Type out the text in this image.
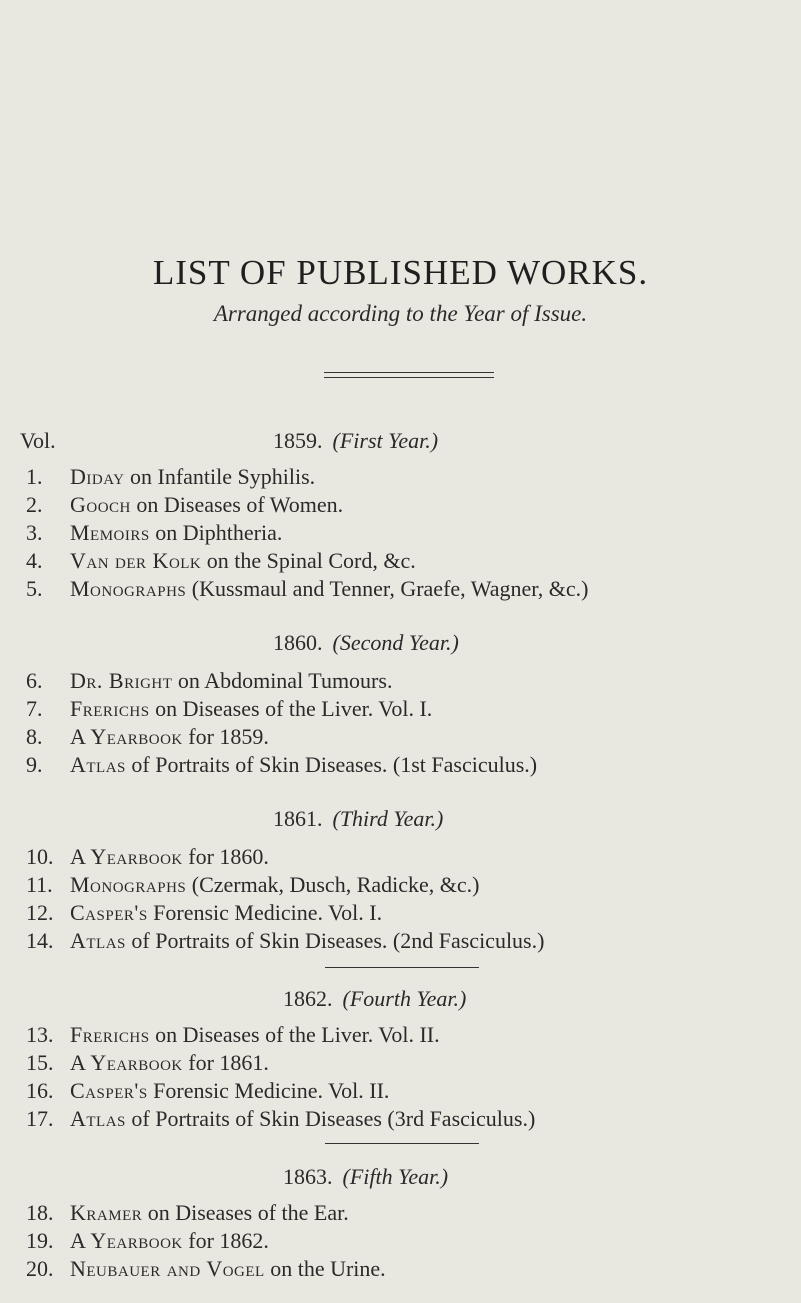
LIST OF PUBLISHED WORKS.
Arranged according to the Year of Issue.
Vol.	1859. (First Year.)
1. Diday on Infantile Syphilis.
2. Gooch on Diseases of Women.
3. Memoirs on Diphtheria.
4. Van der Kolk on the Spinal Cord, &c.
5. Monographs (Kussmaul and Tenner, Graefe, Wagner, &c.)
1860. (Second Year.)
6. Dr. Bright on Abdominal Tumours.
7. Frerichs on Diseases of the Liver. Vol. I.
8. A Yearbook for 1859.
9. Atlas of Portraits of Skin Diseases. (1st Fasciculus.)
1861. (Third Year.)
10. A Yearbook for 1860.
11. Monographs (Czermak, Dusch, Radicke, &c.)
12. Casper's Forensic Medicine. Vol. I.
14. Atlas of Portraits of Skin Diseases. (2nd Fasciculus.)
1862. (Fourth Year.)
13. Frerichs on Diseases of the Liver. Vol. II.
15. A Yearbook for 1861.
16. Casper's Forensic Medicine. Vol. II.
17. Atlas of Portraits of Skin Diseases (3rd Fasciculus.)
1863. (Fifth Year.)
18. Kramer on Diseases of the Ear.
19. A Yearbook for 1862.
20. Neubauer and Vogel on the Urine.
